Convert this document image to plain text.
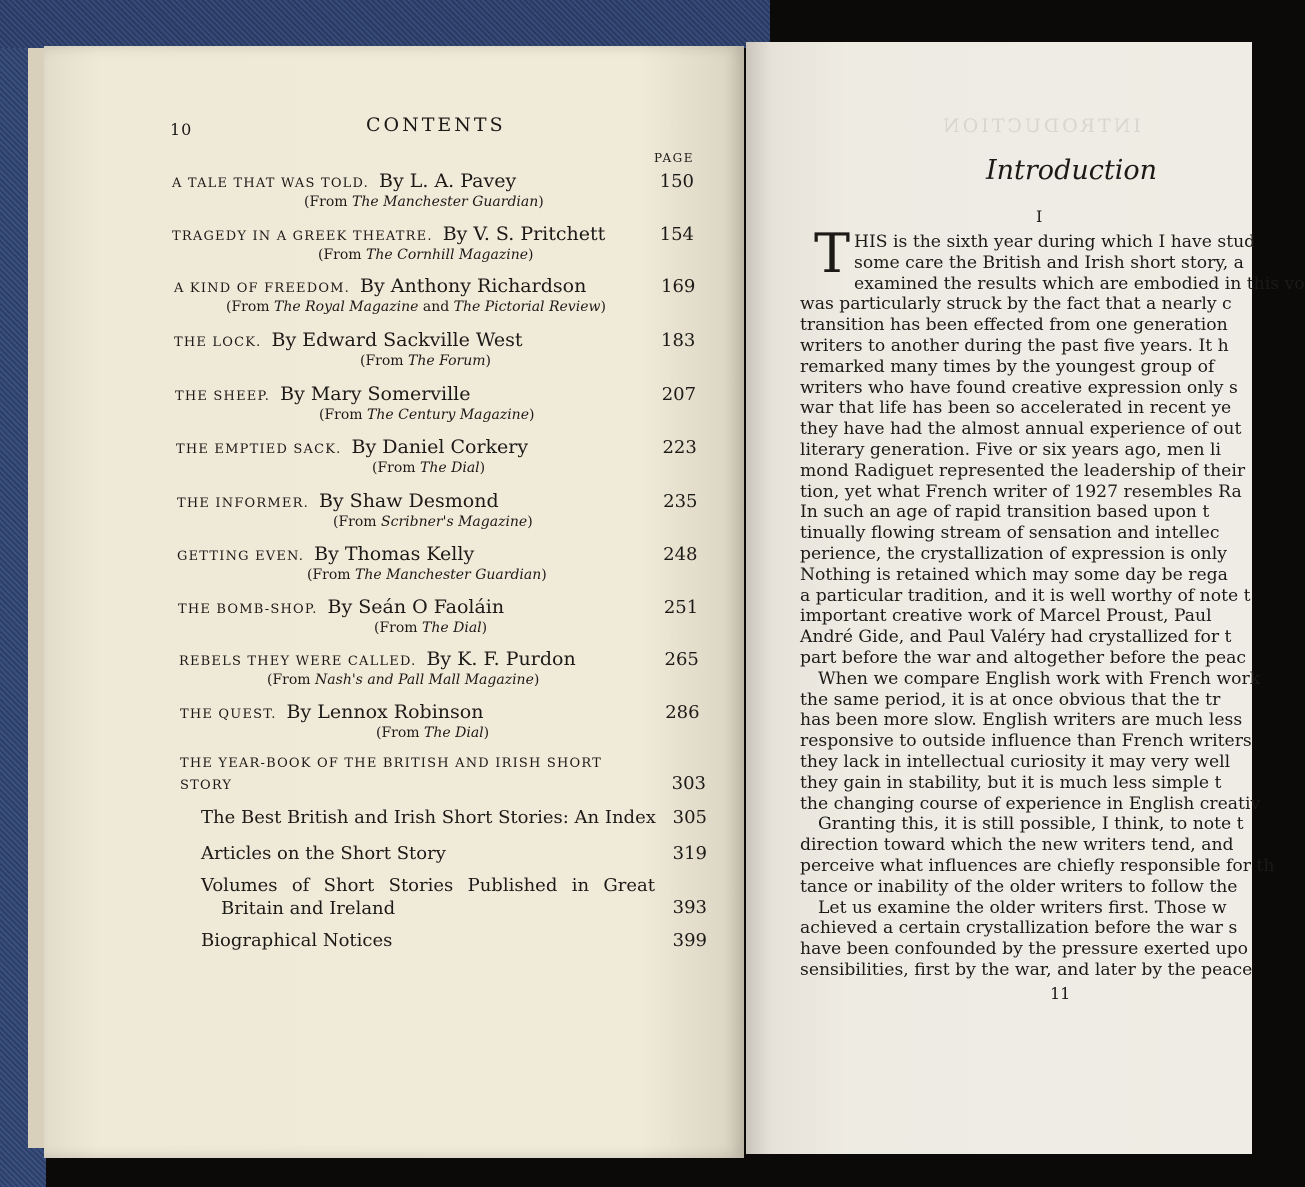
INTRODUCTION
10	CONTENTS
PAGE
A TALE THAT WAS TOLD. By L. A. Pavey	150
(From The Manchester Guardian)
TRAGEDY IN A GREEK THEATRE. By V. S. Pritchett	154
(From The Cornhill Magazine)
A KIND OF FREEDOM. By Anthony Richardson	169
(From The Royal Magazine and The Pictorial Review)
THE LOCK. By Edward Sackville West	183
(From The Forum)
THE SHEEP. By Mary Somerville	207
(From The Century Magazine)
THE EMPTIED SACK. By Daniel Corkery	223
(From The Dial)
THE INFORMER. By Shaw Desmond	235
(From Scribner's Magazine)
GETTING EVEN. By Thomas Kelly	248
(From The Manchester Guardian)
THE BOMB-SHOP. By Seán O Faoláin	251
(From The Dial)
REBELS THEY WERE CALLED. By K. F. Purdon	265
(From Nash's and Pall Mall Magazine)
THE QUEST. By Lennox Robinson	286
(From The Dial)
THE YEAR-BOOK OF THE BRITISH AND IRISH SHORT
STORY	303
The Best British and Irish Short Stories: An Index 305
Articles on the Short Story	319
Volumes of Short Stories Published in Great
Britain and Ireland	393
Biographical Notices	399
Introduction
I
T HIS is the sixth year during which I have stud
some care the British and Irish short story, a
examined the results which are embodied in this vo
was particularly struck by the fact that a nearly c
transition has been effected from one generation
writers to another during the past five years. It h
remarked many times by the youngest group of
writers who have found creative expression only s
war that life has been so accelerated in recent ye
they have had the almost annual experience of out
literary generation. Five or six years ago, men li
mond Radiguet represented the leadership of their
tion, yet what French writer of 1927 resembles Ra
In such an age of rapid transition based upon t
tinually flowing stream of sensation and intellec
perience, the crystallization of expression is only
Nothing is retained which may some day be rega
a particular tradition, and it is well worthy of note t
important creative work of Marcel Proust, Paul
André Gide, and Paul Valéry had crystallized for t
part before the war and altogether before the peac
When we compare English work with French work
the same period, it is at once obvious that the tr
has been more slow. English writers are much less
responsive to outside influence than French writers
they lack in intellectual curiosity it may very well
they gain in stability, but it is much less simple t
the changing course of experience in English creativ
Granting this, it is still possible, I think, to note t
direction toward which the new writers tend, and
perceive what influences are chiefly responsible for th
tance or inability of the older writers to follow the
Let us examine the older writers first. Those w
achieved a certain crystallization before the war s
have been confounded by the pressure exerted upo
sensibilities, first by the war, and later by the peace
11
